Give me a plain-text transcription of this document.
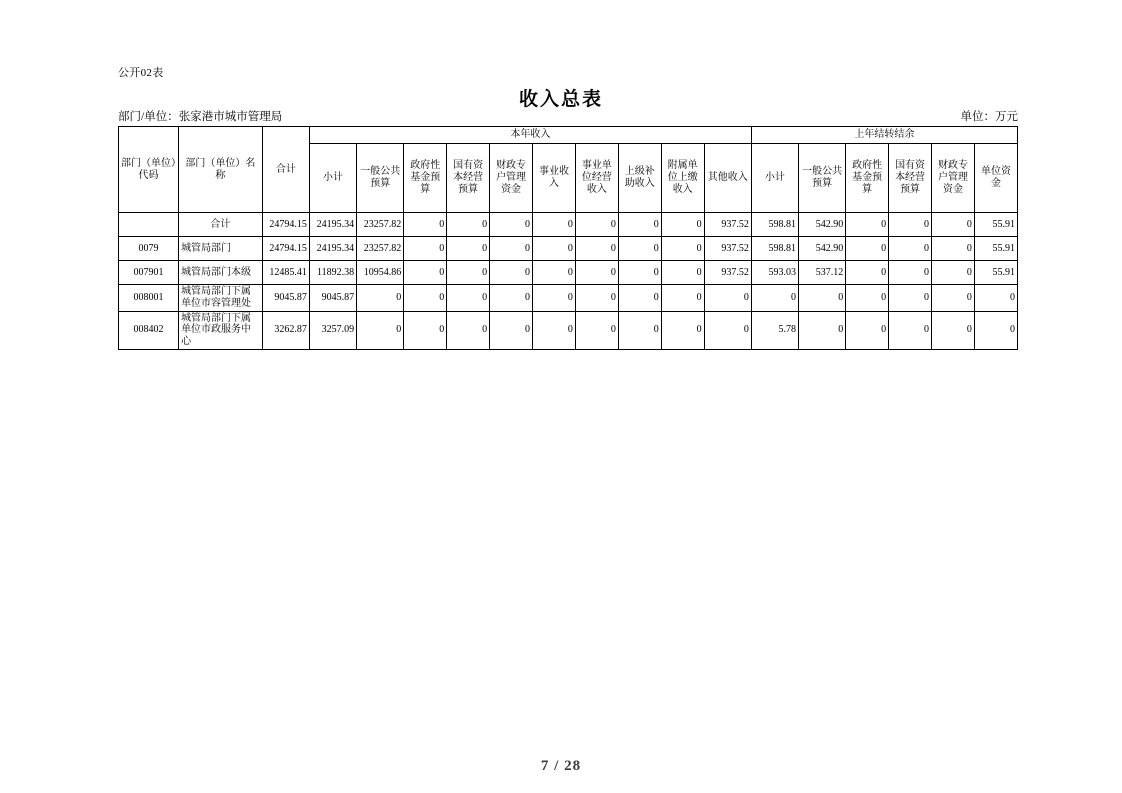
公开02表
收入总表
部门/单位：张家港市城市管理局	单位：万元
部门（单位）代码	部门（单位）名称	合计	本年收入										上年结转结余					
			小计	一般公共预算	政府性基金预算	国有资本经营预算	财政专户管理资金	事业收入	事业单位经营收入	上级补助收入	附属单位上缴收入	其他收入	小计	一般公共预算	政府性基金预算	国有资本经营预算	财政专户管理资金	单位资金
	合计	24794.15	24195.34	23257.82	0	0	0	0	0	0	0	937.52	598.81	542.90	0	0	0	55.91
0079	城管局部门	24794.15	24195.34	23257.82	0	0	0	0	0	0	0	937.52	598.81	542.90	0	0	0	55.91
007901	城管局部门本级	12485.41	11892.38	10954.86	0	0	0	0	0	0	0	937.52	593.03	537.12	0	0	0	55.91
008001	城管局部门下属单位市容管理处	9045.87	9045.87	0	0	0	0	0	0	0	0	0	0	0	0	0	0	0
008402	城管局部门下属单位市政服务中心	3262.87	3257.09	0	0	0	0	0	0	0	0	0	5.78	0	0	0	0	0
7 / 28
